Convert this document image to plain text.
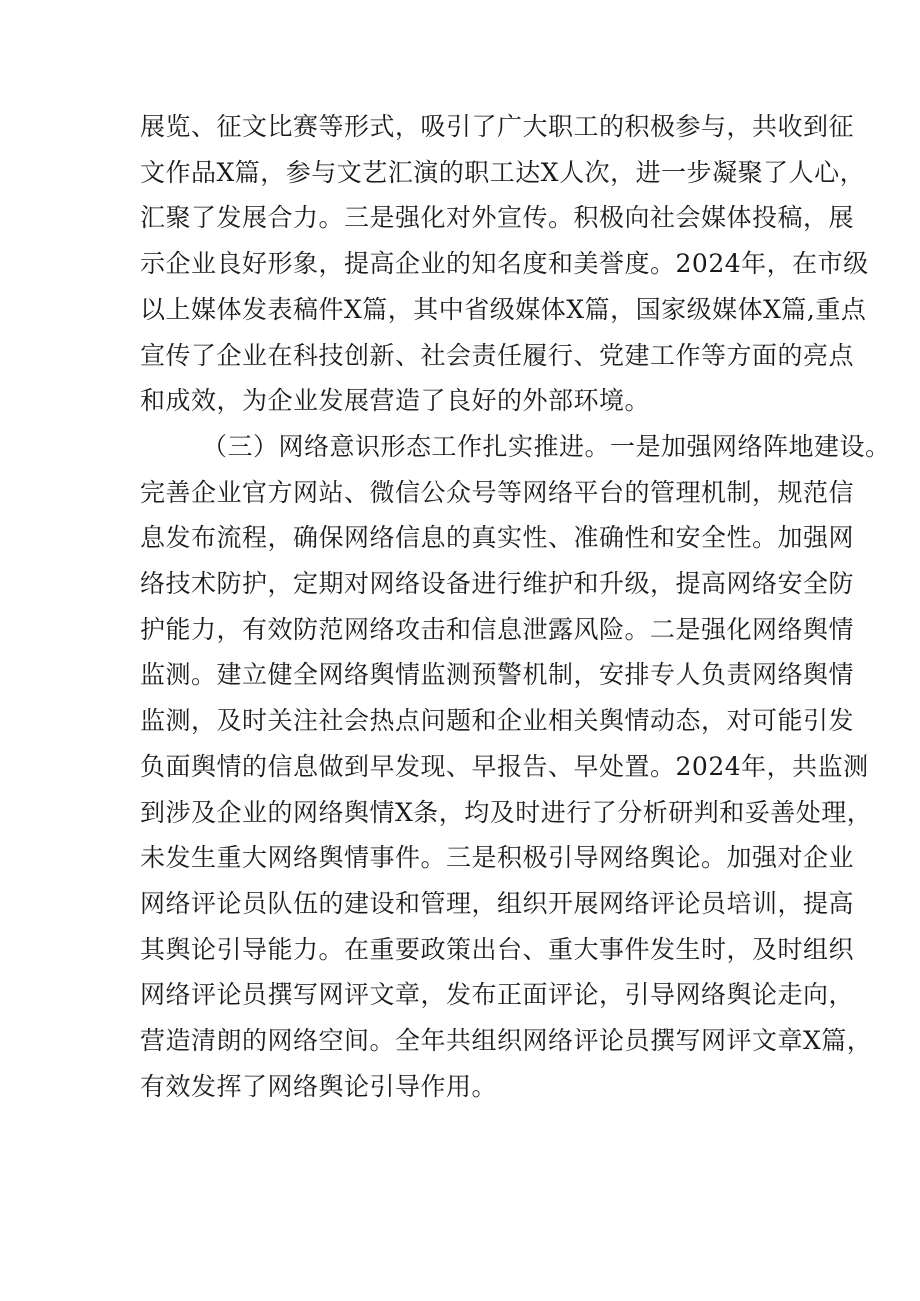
展览、征文比赛等形式，吸引了广大职工的积极参与，共收到征
文作品X篇，参与文艺汇演的职工达X人次，进一步凝聚了人心，
汇聚了发展合力。三是强化对外宣传。积极向社会媒体投稿，展
示企业良好形象，提高企业的知名度和美誉度。2024年，在市级
以上媒体发表稿件X篇，其中省级媒体X篇，国家级媒体X篇,重点
宣传了企业在科技创新、社会责任履行、党建工作等方面的亮点
和成效，为企业发展营造了良好的外部环境。

（三）网络意识形态工作扎实推进。一是加强网络阵地建设。
完善企业官方网站、微信公众号等网络平台的管理机制，规范信
息发布流程，确保网络信息的真实性、准确性和安全性。加强网
络技术防护，定期对网络设备进行维护和升级，提高网络安全防
护能力，有效防范网络攻击和信息泄露风险。二是强化网络舆情
监测。建立健全网络舆情监测预警机制，安排专人负责网络舆情
监测，及时关注社会热点问题和企业相关舆情动态，对可能引发
负面舆情的信息做到早发现、早报告、早处置。2024年，共监测
到涉及企业的网络舆情X条，均及时进行了分析研判和妥善处理，
未发生重大网络舆情事件。三是积极引导网络舆论。加强对企业
网络评论员队伍的建设和管理，组织开展网络评论员培训，提高
其舆论引导能力。在重要政策出台、重大事件发生时，及时组织
网络评论员撰写网评文章，发布正面评论，引导网络舆论走向，
营造清朗的网络空间。全年共组织网络评论员撰写网评文章X篇，
有效发挥了网络舆论引导作用。
